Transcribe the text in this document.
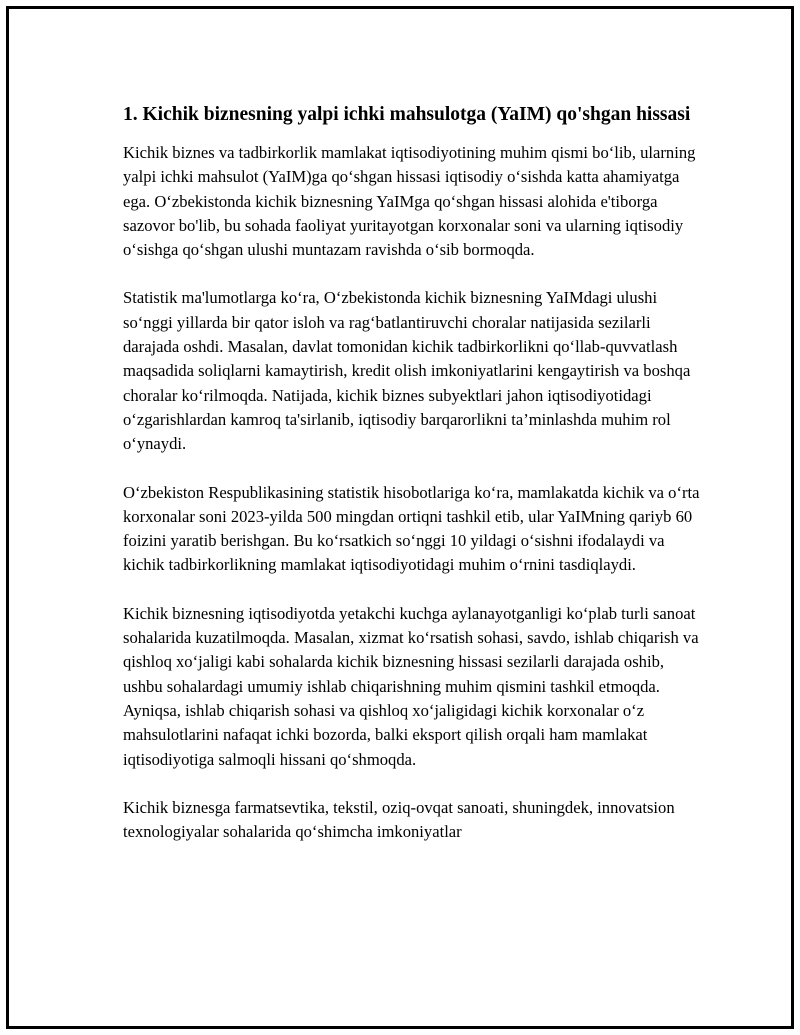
1. Kichik biznesning yalpi ichki mahsulotga (YaIM) qo'shgan hissasi

Kichik biznes va tadbirkorlik mamlakat iqtisodiyotining muhim qismi bo‘lib, ularning yalpi ichki mahsulot (YaIM)ga qo‘shgan hissasi iqtisodiy o‘sishda katta ahamiyatga ega. O‘zbekistonda kichik biznesning YaIMga qo‘shgan hissasi alohida e'tiborga sazovor bo'lib, bu sohada faoliyat yuritayotgan korxonalar soni va ularning iqtisodiy o‘sishga qo‘shgan ulushi muntazam ravishda o‘sib bormoqda.

Statistik ma'lumotlarga ko‘ra, O‘zbekistonda kichik biznesning YaIMdagi ulushi so‘nggi yillarda bir qator isloh va rag‘batlantiruvchi choralar natijasida sezilarli darajada oshdi. Masalan, davlat tomonidan kichik tadbirkorlikni qo‘llab-quvvatlash maqsadida soliqlarni kamaytirish, kredit olish imkoniyatlarini kengaytirish va boshqa choralar ko‘rilmoqda. Natijada, kichik biznes subyektlari jahon iqtisodiyotidagi o‘zgarishlardan kamroq ta'sirlanib, iqtisodiy barqarorlikni ta’minlashda muhim rol o‘ynaydi.

O‘zbekiston Respublikasining statistik hisobotlariga ko‘ra, mamlakatda kichik va o‘rta korxonalar soni 2023-yilda 500 mingdan ortiqni tashkil etib, ular YaIMning qariyb 60 foizini yaratib berishgan. Bu ko‘rsatkich so‘nggi 10 yildagi o‘sishni ifodalaydi va kichik tadbirkorlikning mamlakat iqtisodiyotidagi muhim o‘rnini tasdiqlaydi.

Kichik biznesning iqtisodiyotda yetakchi kuchga aylanayotganligi ko‘plab turli sanoat sohalarida kuzatilmoqda. Masalan, xizmat ko‘rsatish sohasi, savdo, ishlab chiqarish va qishloq xo‘jaligi kabi sohalarda kichik biznesning hissasi sezilarli darajada oshib, ushbu sohalardagi umumiy ishlab chiqarishning muhim qismini tashkil etmoqda. Ayniqsa, ishlab chiqarish sohasi va qishloq xo‘jaligidagi kichik korxonalar o‘z mahsulotlarini nafaqat ichki bozorda, balki eksport qilish orqali ham mamlakat iqtisodiyotiga salmoqli hissani qo‘shmoqda.

Kichik biznesga farmatsevtika, tekstil, oziq-ovqat sanoati, shuningdek, innovatsion texnologiyalar sohalarida qo‘shimcha imkoniyatlar
